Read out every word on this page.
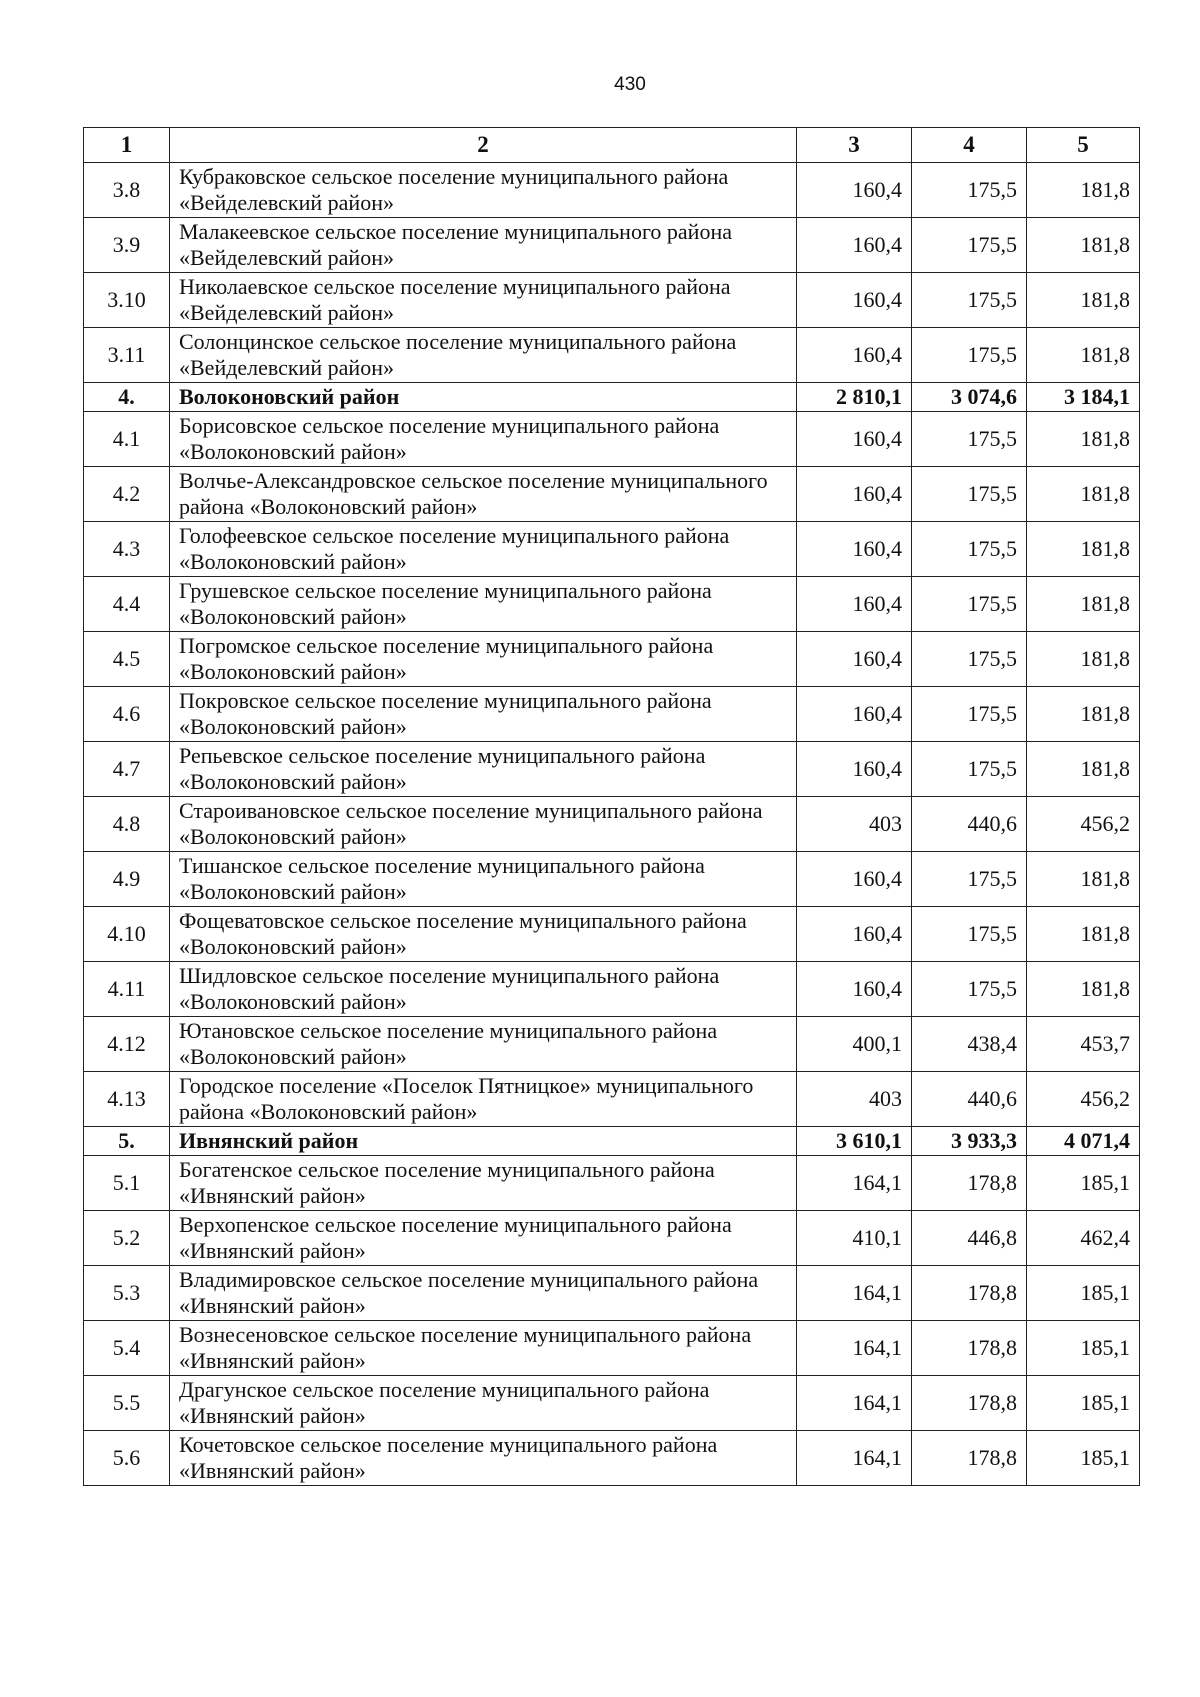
430
1	2	3	4	5
3.8	Кубраковское сельское поселение муниципального района «Вейделевский район»	160,4	175,5	181,8
3.9	Малакеевское сельское поселение муниципального района «Вейделевский район»	160,4	175,5	181,8
3.10	Николаевское сельское поселение муниципального района «Вейделевский район»	160,4	175,5	181,8
3.11	Солонцинское сельское поселение муниципального района «Вейделевский район»	160,4	175,5	181,8
4.	Волоконовский район	2 810,1	3 074,6	3 184,1
4.1	Борисовское сельское поселение муниципального района «Волоконовский район»	160,4	175,5	181,8
4.2	Волчье-Александровское сельское поселение муниципального района «Волоконовский район»	160,4	175,5	181,8
4.3	Голофеевское сельское поселение муниципального района «Волоконовский район»	160,4	175,5	181,8
4.4	Грушевское сельское поселение муниципального района «Волоконовский район»	160,4	175,5	181,8
4.5	Погромское сельское поселение муниципального района «Волоконовский район»	160,4	175,5	181,8
4.6	Покровское сельское поселение муниципального района «Волоконовский район»	160,4	175,5	181,8
4.7	Репьевское сельское поселение муниципального района «Волоконовский район»	160,4	175,5	181,8
4.8	Староивановское сельское поселение муниципального района «Волоконовский район»	403	440,6	456,2
4.9	Тишанское сельское поселение муниципального района «Волоконовский район»	160,4	175,5	181,8
4.10	Фощеватовское сельское поселение муниципального района «Волоконовский район»	160,4	175,5	181,8
4.11	Шидловское сельское поселение муниципального района «Волоконовский район»	160,4	175,5	181,8
4.12	Ютановское сельское поселение муниципального района «Волоконовский район»	400,1	438,4	453,7
4.13	Городское поселение «Поселок Пятницкое» муниципального района «Волоконовский район»	403	440,6	456,2
5.	Ивнянский район	3 610,1	3 933,3	4 071,4
5.1	Богатенское сельское поселение муниципального района «Ивнянский район»	164,1	178,8	185,1
5.2	Верхопенское сельское поселение муниципального района «Ивнянский район»	410,1	446,8	462,4
5.3	Владимировское сельское поселение муниципального района «Ивнянский район»	164,1	178,8	185,1
5.4	Вознесеновское сельское поселение муниципального района «Ивнянский район»	164,1	178,8	185,1
5.5	Драгунское сельское поселение муниципального района «Ивнянский район»	164,1	178,8	185,1
5.6	Кочетовское сельское поселение муниципального района «Ивнянский район»	164,1	178,8	185,1
